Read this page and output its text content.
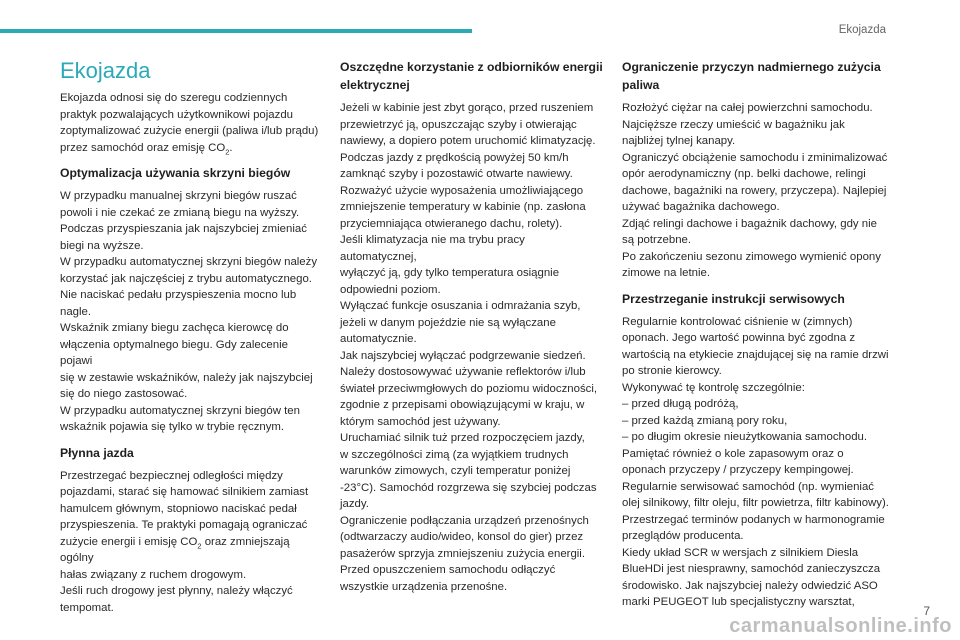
Ekojazda
Ekojazda
Ekojazda odnosi się do szeregu codziennych
praktyk pozwalających użytkownikowi pojazdu
zoptymalizować zużycie energii (paliwa i/lub prądu)
przez samochód oraz emisję $CO_2$.
Optymalizacja używania skrzyni biegów
W przypadku manualnej skrzyni biegów ruszać
powoli i nie czekać ze zmianą biegu na wyższy.
Podczas przyspieszania jak najszybciej zmieniać
biegi na wyższe.
W przypadku automatycznej skrzyni biegów należy
korzystać jak najczęściej z trybu automatycznego.
Nie naciskać pedału przyspieszenia mocno lub
nagle.
Wskaźnik zmiany biegu zachęca kierowcę do
włączenia optymalnego biegu. Gdy zalecenie pojawi
się w zestawie wskaźników, należy jak najszybciej
się do niego zastosować.
W przypadku automatycznej skrzyni biegów ten
wskaźnik pojawia się tylko w trybie ręcznym.
Płynna jazda
Przestrzegać bezpiecznej odległości między
pojazdami, starać się hamować silnikiem zamiast
hamulcem głównym, stopniowo naciskać pedał
przyspieszenia. Te praktyki pomagają ograniczać
zużycie energii i emisję $CO_2$ oraz zmniejszają ogólny
hałas związany z ruchem drogowym.
Jeśli ruch drogowy jest płynny, należy włączyć
tempomat.
Oszczędne korzystanie z odbiorników energii elektrycznej
Jeżeli w kabinie jest zbyt gorąco, przed ruszeniem
przewietrzyć ją, opuszczając szyby i otwierając
nawiewy, a dopiero potem uruchomić klimatyzację.
Podczas jazdy z prędkością powyżej 50 km/h
zamknąć szyby i pozostawić otwarte nawiewy.
Rozważyć użycie wyposażenia umożliwiającego
zmniejszenie temperatury w kabinie (np. zasłona
przyciemniająca otwieranego dachu, rolety).
Jeśli klimatyzacja nie ma trybu pracy automatycznej,
wyłączyć ją, gdy tylko temperatura osiągnie
odpowiedni poziom.
Wyłączać funkcje osuszania i odmrażania szyb,
jeżeli w danym pojeździe nie są wyłączane
automatycznie.
Jak najszybciej wyłączać podgrzewanie siedzeń.
Należy dostosowywać używanie reflektorów i/lub
świateł przeciwmgłowych do poziomu widoczności,
zgodnie z przepisami obowiązującymi w kraju, w
którym samochód jest używany.
Uruchamiać silnik tuż przed rozpoczęciem jazdy,
w szczególności zimą (za wyjątkiem trudnych
warunków zimowych, czyli temperatur poniżej
-23°C). Samochód rozgrzewa się szybciej podczas
jazdy.
Ograniczenie podłączania urządzeń przenośnych
(odtwarzaczy audio/wideo, konsol do gier) przez
pasażerów sprzyja zmniejszeniu zużycia energii.
Przed opuszczeniem samochodu odłączyć
wszystkie urządzenia przenośne.
Ograniczenie przyczyn nadmiernego zużycia paliwa
Rozłożyć ciężar na całej powierzchni samochodu.
Najcięższe rzeczy umieścić w bagażniku jak
najbliżej tylnej kanapy.
Ograniczyć obciążenie samochodu i zminimalizować
opór aerodynamiczny (np. belki dachowe, relingi
dachowe, bagażniki na rowery, przyczepa). Najlepiej
używać bagażnika dachowego.
Zdjąć relingi dachowe i bagażnik dachowy, gdy nie
są potrzebne.
Po zakończeniu sezonu zimowego wymienić opony
zimowe na letnie.
Przestrzeganie instrukcji serwisowych
Regularnie kontrolować ciśnienie w (zimnych)
oponach. Jego wartość powinna być zgodna z
wartością na etykiecie znajdującej się na ramie drzwi
po stronie kierowcy.
Wykonywać tę kontrolę szczególnie:
– przed długą podróżą,
– przed każdą zmianą pory roku,
– po długim okresie nieużytkowania samochodu.
Pamiętać również o kole zapasowym oraz o
oponach przyczepy / przyczepy kempingowej.
Regularnie serwisować samochód (np. wymieniać
olej silnikowy, filtr oleju, filtr powietrza, filtr kabinowy).
Przestrzegać terminów podanych w harmonogramie
przeglądów producenta.
Kiedy układ SCR w wersjach z silnikiem Diesla
BlueHDi jest niesprawny, samochód zanieczyszcza
środowisko. Jak najszybciej należy odwiedzić ASO
marki PEUGEOT lub specjalistyczny warsztat,
7
carmanualsonline.info
